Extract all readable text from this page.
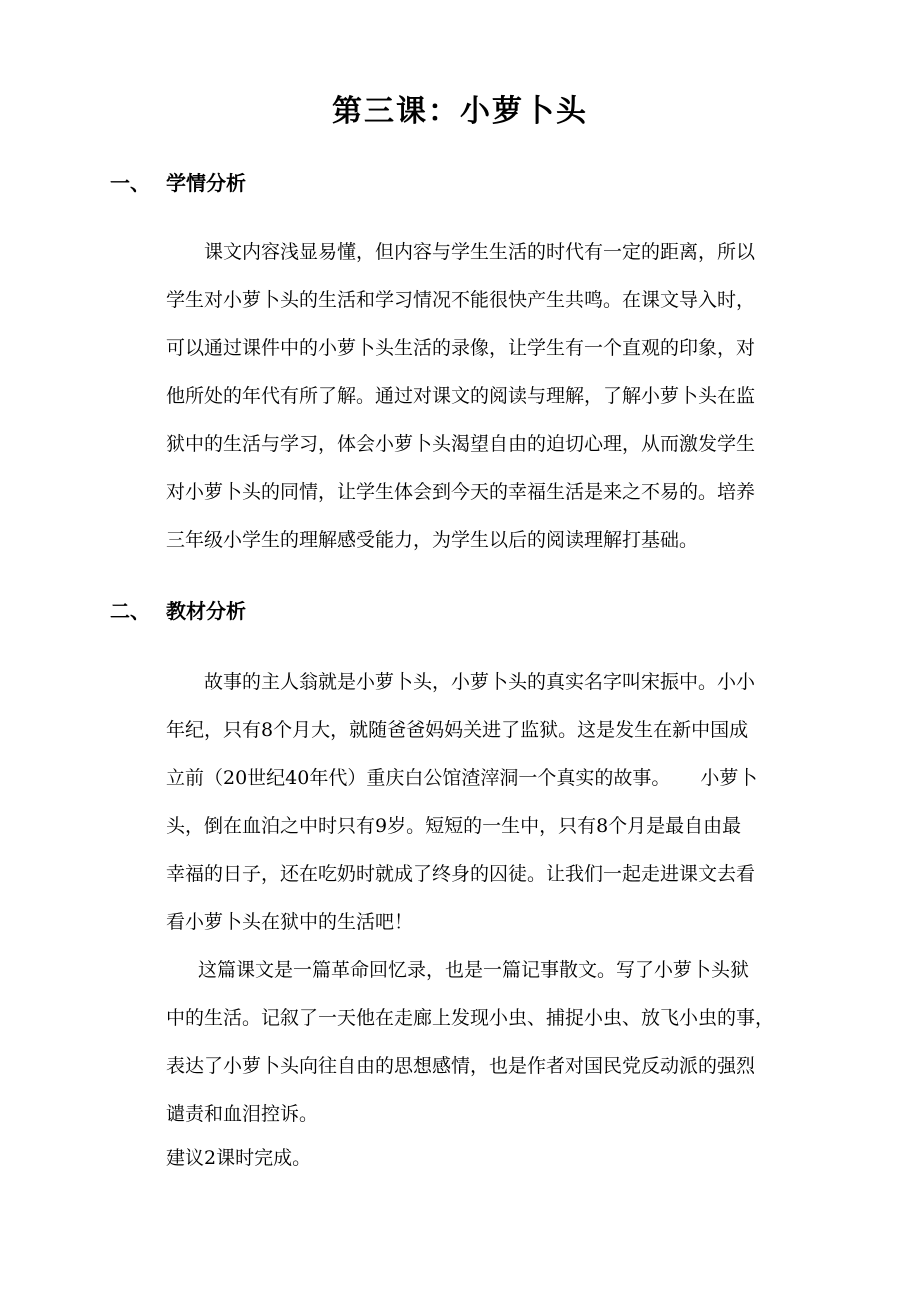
第三课：小萝卜头
一、 学情分析
课文内容浅显易懂，但内容与学生生活的时代有一定的距离，所以
学生对小萝卜头的生活和学习情况不能很快产生共鸣。在课文导入时，
可以通过课件中的小萝卜头生活的录像，让学生有一个直观的印象，对
他所处的年代有所了解。通过对课文的阅读与理解，了解小萝卜头在监
狱中的生活与学习，体会小萝卜头渴望自由的迫切心理，从而激发学生
对小萝卜头的同情，让学生体会到今天的幸福生活是来之不易的。培养
三年级小学生的理解感受能力，为学生以后的阅读理解打基础。
二、 教材分析
故事的主人翁就是小萝卜头，小萝卜头的真实名字叫宋振中。小小
年纪，只有8个月大，就随爸爸妈妈关进了监狱。这是发生在新中国成
立前（20世纪40年代）重庆白公馆渣滓洞一个真实的故事。 小萝卜
头，倒在血泊之中时只有9岁。短短的一生中，只有8个月是最自由最
幸福的日子，还在吃奶时就成了终身的囚徒。让我们一起走进课文去看
看小萝卜头在狱中的生活吧！
这篇课文是一篇革命回忆录，也是一篇记事散文。写了小萝卜头狱
中的生活。记叙了一天他在走廊上发现小虫、捕捉小虫、放飞小虫的事，
表达了小萝卜头向往自由的思想感情，也是作者对国民党反动派的强烈
谴责和血泪控诉。
建议2课时完成。
